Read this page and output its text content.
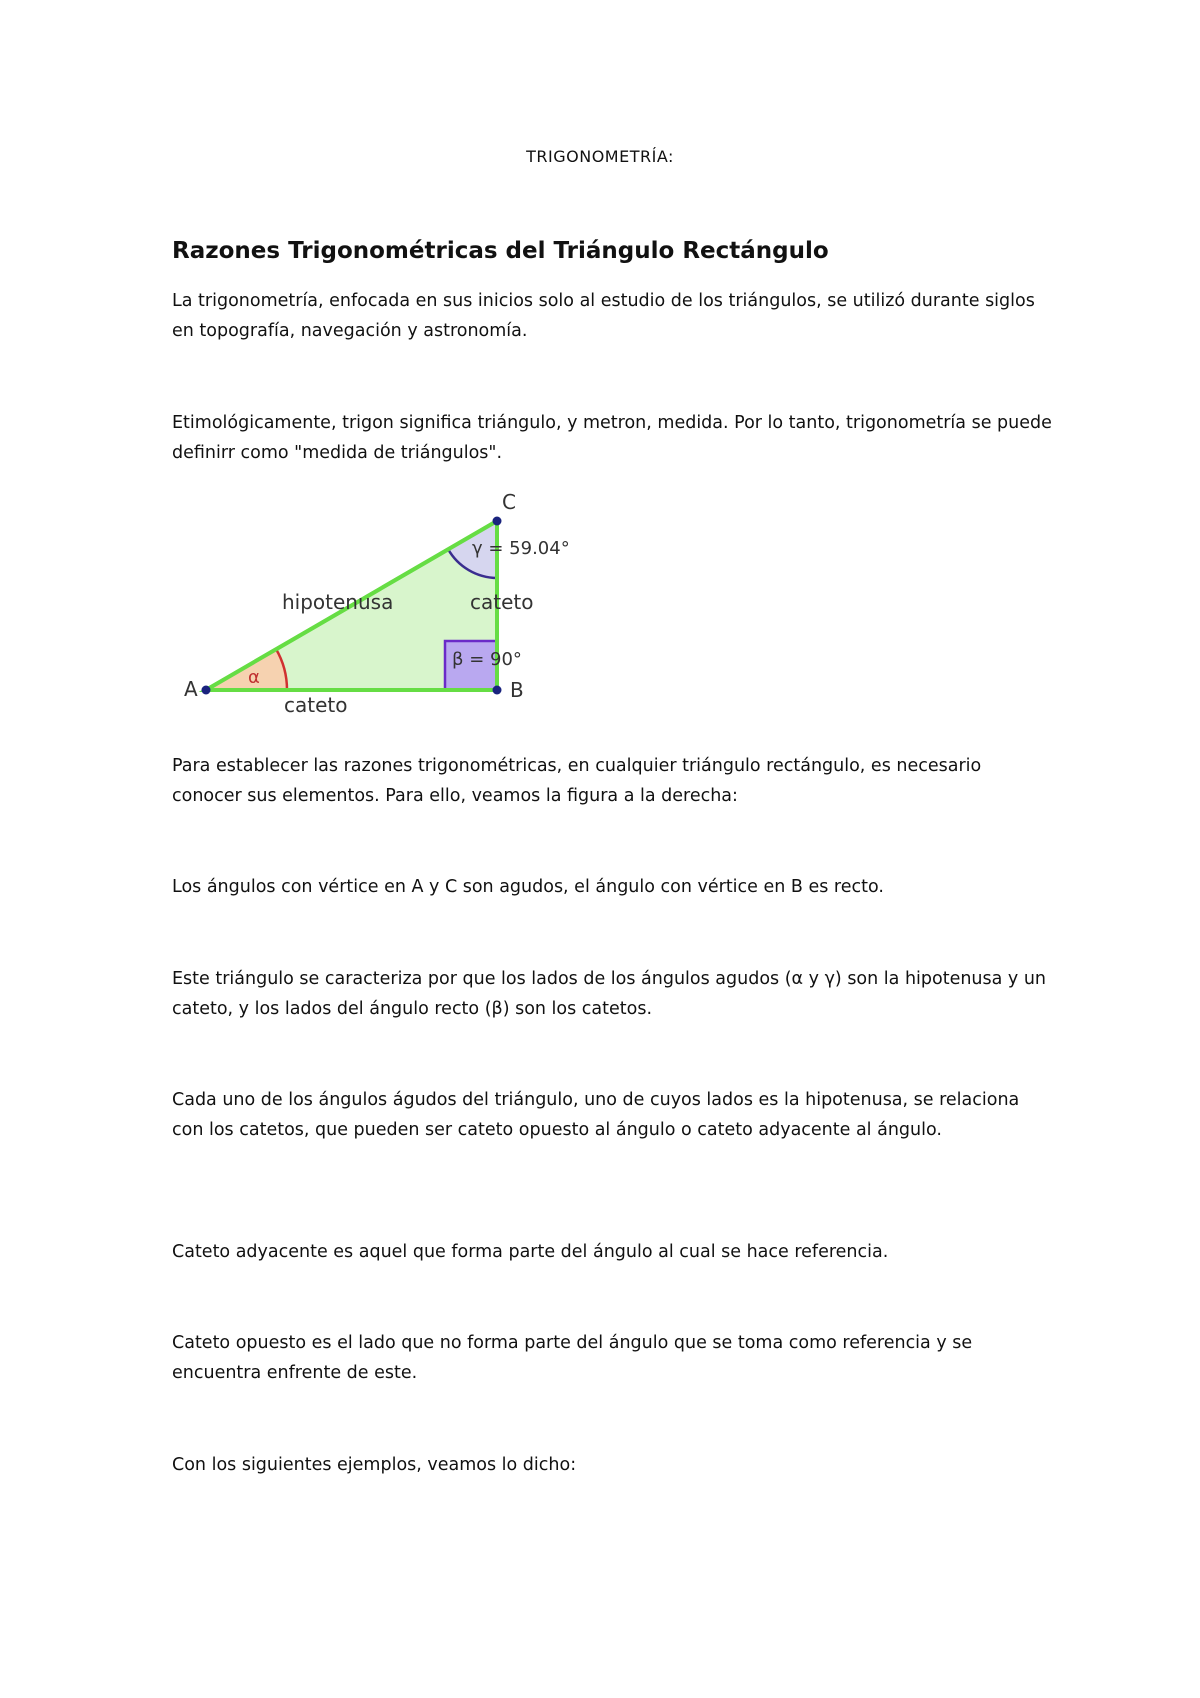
TRIGONOMETRÍA:
Razones Trigonométricas del Triángulo Rectángulo
La trigonometría, enfocada en sus inicios solo al estudio de los triángulos, se utilizó durante siglos en topografía, navegación y astronomía.
Etimológicamente, trigon significa triángulo, y metron, medida. Por lo tanto, trigonometría se puede definirr como "medida de triángulos".
A	B
C
hipotenusa	cateto
cateto
α
β = 90°
γ = 59.04°
Para establecer las razones trigonométricas, en cualquier triángulo rectángulo, es necesario conocer sus elementos. Para ello, veamos la figura a la derecha:
Los ángulos con vértice en A y C son agudos, el ángulo con vértice en B es recto.
Este triángulo se caracteriza por que los lados de los ángulos agudos (α y γ) son la hipotenusa y un cateto, y los lados del ángulo recto (β) son los catetos.
Cada uno de los ángulos águdos del triángulo, uno de cuyos lados es la hipotenusa, se relaciona con los catetos, que pueden ser cateto opuesto al ángulo o cateto adyacente al ángulo.
Cateto adyacente es aquel que forma parte del ángulo al cual se hace referencia.
Cateto opuesto es el lado que no forma parte del ángulo que se toma como referencia y se encuentra enfrente de este.
Con los siguientes ejemplos, veamos lo dicho:
